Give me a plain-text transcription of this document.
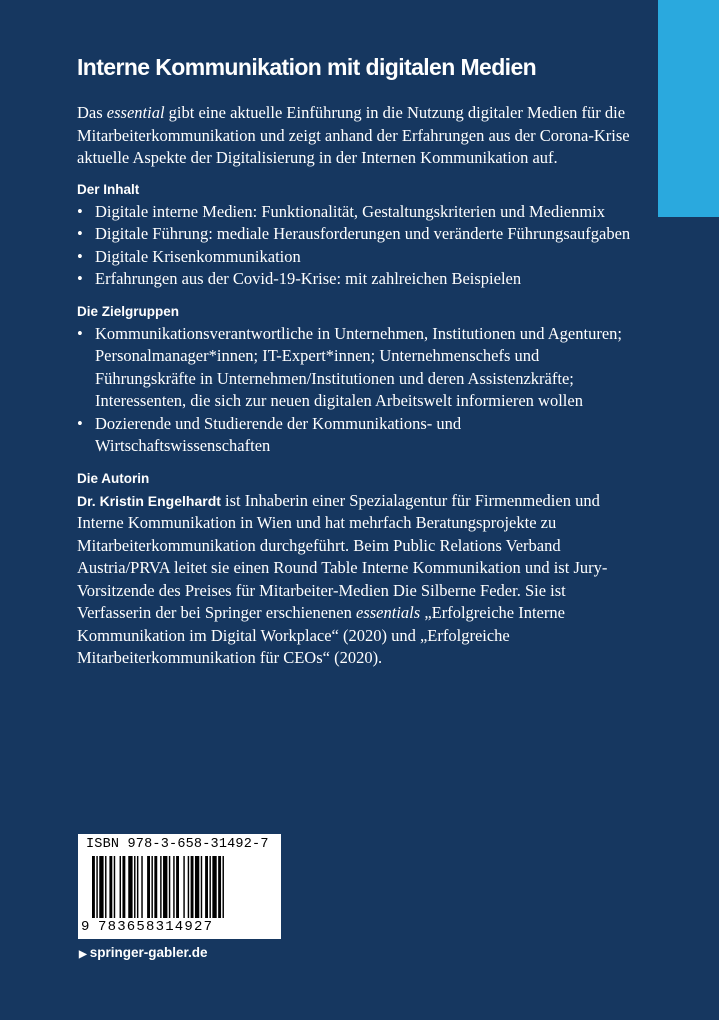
Interne Kommunikation mit digitalen Medien

Das essential gibt eine aktuelle Einführung in die Nutzung digitaler Medien für die Mitarbeiterkommunikation und zeigt anhand der Erfahrungen aus der Corona-Krise aktuelle Aspekte der Digitalisierung in der Internen Kommunikation auf.

Der Inhalt
• Digitale interne Medien: Funktionalität, Gestaltungskriterien und Medienmix
• Digitale Führung: mediale Herausforderungen und veränderte Führungsaufgaben
• Digitale Krisenkommunikation
• Erfahrungen aus der Covid-19-Krise: mit zahlreichen Beispielen
Die Zielgruppen
• Kommunikationsverantwortliche in Unternehmen, Institutionen und Agenturen; Personalmanager*innen; IT-Expert*innen; Unternehmenschefs und Führungskräfte in Unternehmen/Institutionen und deren Assistenzkräfte; Interessenten, die sich zur neuen digitalen Arbeitswelt informieren wollen
• Dozierende und Studierende der Kommunikations- und Wirtschaftswissenschaften
Die Autorin

Dr. Kristin Engelhardt ist Inhaberin einer Spezialagentur für Firmenmedien und Interne Kommunikation in Wien und hat mehrfach Beratungsprojekte zu Mitarbeiterkommunikation durchgeführt. Beim Public Relations Verband Austria/PRVA leitet sie einen Round Table Interne Kommunikation und ist Jury-Vorsitzende des Preises für Mitarbeiter-Medien Die Silberne Feder. Sie ist Verfasserin der bei Springer erschienenen essentials „Erfolgreiche Interne Kommunikation im Digital Workplace“ (2020) und „Erfolgreiche Mitarbeiterkommunikation für CEOs“ (2020).

ISBN 978-3-658-31492-7
9 783658314927
▶ springer-gabler.de
